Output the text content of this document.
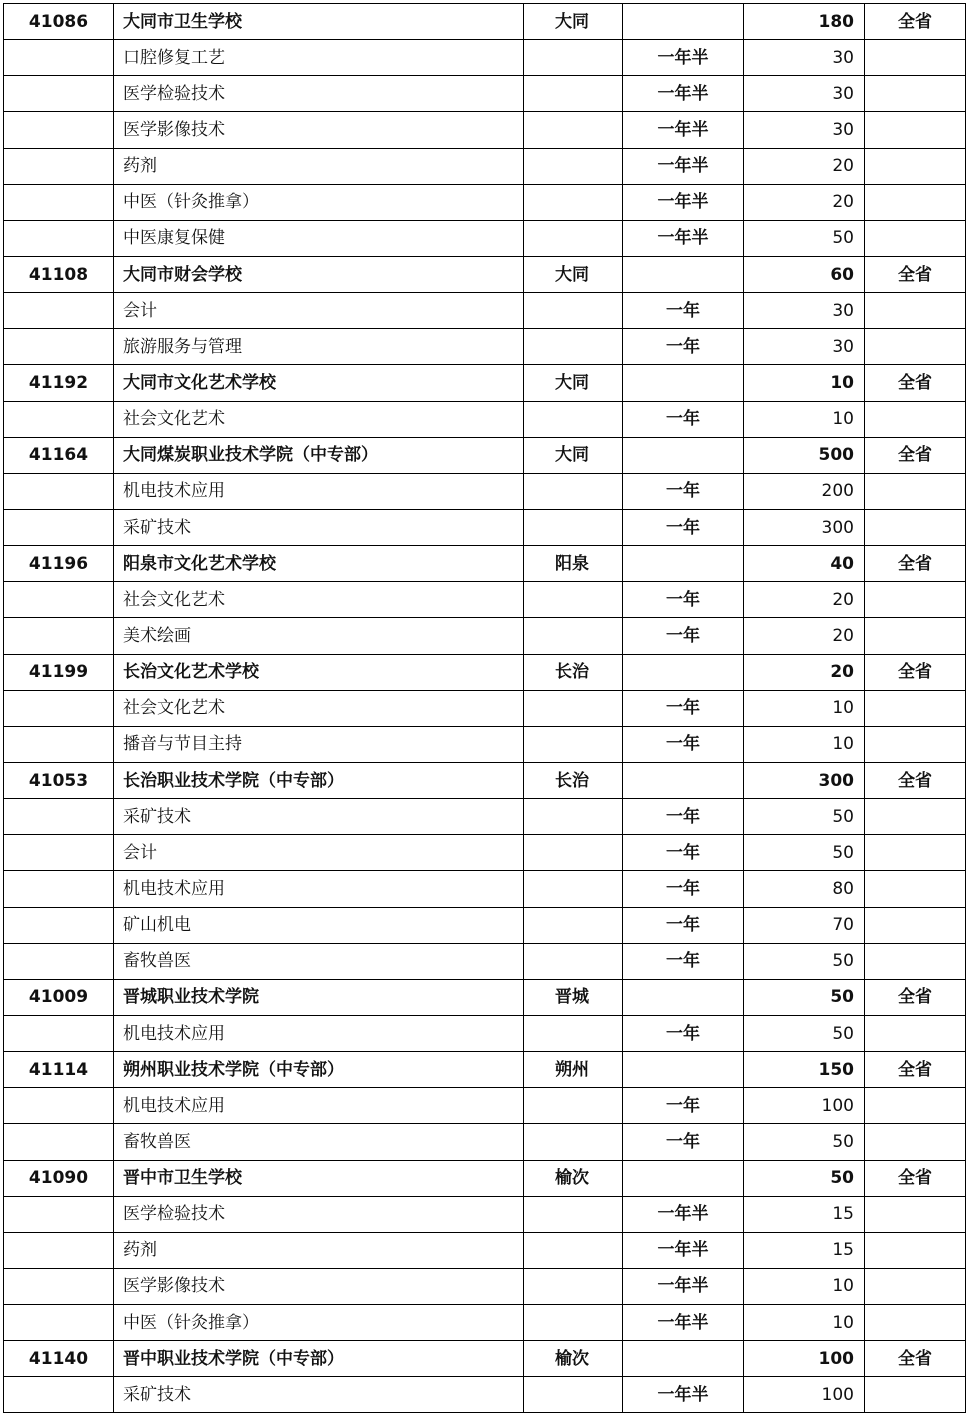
41086	大同市卫生学校	大同		180	全省
	口腔修复工艺		一年半	30	
	医学检验技术		一年半	30	
	医学影像技术		一年半	30	
	药剂		一年半	20	
	中医（针灸推拿）		一年半	20	
	中医康复保健		一年半	50	
41108	大同市财会学校	大同		60	全省
	会计		一年	30	
	旅游服务与管理		一年	30	
41192	大同市文化艺术学校	大同		10	全省
	社会文化艺术		一年	10	
41164	大同煤炭职业技术学院（中专部）	大同		500	全省
	机电技术应用		一年	200	
	采矿技术		一年	300	
41196	阳泉市文化艺术学校	阳泉		40	全省
	社会文化艺术		一年	20	
	美术绘画		一年	20	
41199	长治文化艺术学校	长治		20	全省
	社会文化艺术		一年	10	
	播音与节目主持		一年	10	
41053	长治职业技术学院（中专部）	长治		300	全省
	采矿技术		一年	50	
	会计		一年	50	
	机电技术应用		一年	80	
	矿山机电		一年	70	
	畜牧兽医		一年	50	
41009	晋城职业技术学院	晋城		50	全省
	机电技术应用		一年	50	
41114	朔州职业技术学院（中专部）	朔州		150	全省
	机电技术应用		一年	100	
	畜牧兽医		一年	50	
41090	晋中市卫生学校	榆次		50	全省
	医学检验技术		一年半	15	
	药剂		一年半	15	
	医学影像技术		一年半	10	
	中医（针灸推拿）		一年半	10	
41140	晋中职业技术学院（中专部）	榆次		100	全省
	采矿技术		一年半	100	
